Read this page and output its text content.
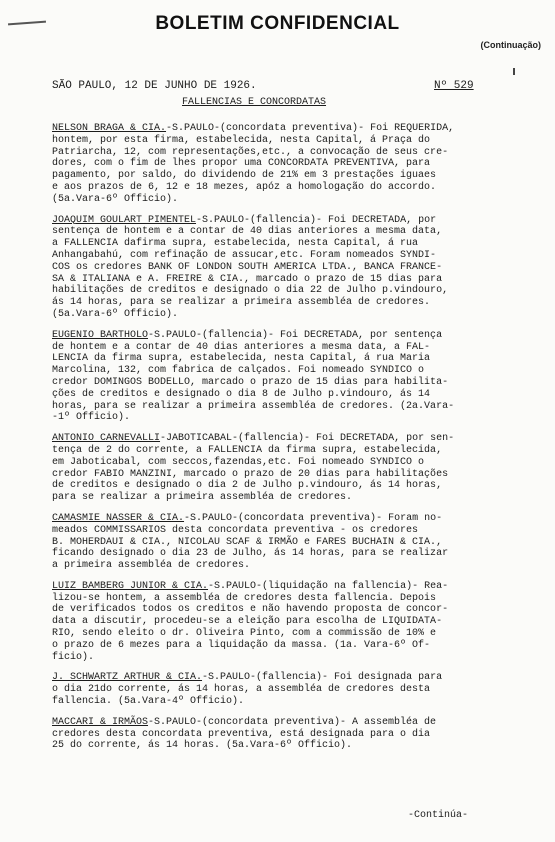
BOLETIM CONFIDENCIAL
(Continuação)
SÃO PAULO, 12 DE JUNHO DE 1926.	Nº 529
FALLENCIAS E CONCORDATAS
NELSON BRAGA & CIA.-S.PAULO-(concordata preventiva)- Foi REQUERIDA,
hontem, por esta firma, estabelecida, nesta Capital, á Praça do
Patriarcha, 12, com representações,etc., a convocação de seus cre-
dores, com o fim de lhes propor uma CONCORDATA PREVENTIVA, para
pagamento, por saldo, do dividendo de 21% em 3 prestações iguaes
e aos prazos de 6, 12 e 18 mezes, apóz a homologação do accordo.
(5a.Vara-6º Officio).
JOAQUIM GOULART PIMENTEL-S.PAULO-(fallencia)- Foi DECRETADA, por
sentença de hontem e a contar de 40 dias anteriores a mesma data,
a FALLENCIA dafirma supra, estabelecida, nesta Capital, á rua
Anhangabahú, com refinação de assucar,etc. Foram nomeados SYNDI-
COS os credores BANK OF LONDON SOUTH AMERICA LTDA., BANCA FRANCE-
SA & ITALIANA e A. FREIRE & CIA., marcado o prazo de 15 dias para
habilitações de creditos e designado o dia 22 de Julho p.vindouro,
ás 14 horas, para se realizar a primeira assembléa de credores.
(5a.Vara-6º Officio).
EUGENIO BARTHOLO-S.PAULO-(fallencia)- Foi DECRETADA, por sentença
de hontem e a contar de 40 dias anteriores a mesma data, a FAL-
LENCIA da firma supra, estabelecida, nesta Capital, á rua Maria
Marcolina, 132, com fabrica de calçados. Foi nomeado SYNDICO o
credor DOMINGOS BODELLO, marcado o prazo de 15 dias para habilita-
ções de creditos e designado o dia 8 de Julho p.vindouro, ás 14
horas, para se realizar a primeira assembléa de credores. (2a.Vara-
-1º Officio).
ANTONIO CARNEVALLI-JABOTICABAL-(fallencia)- Foi DECRETADA, por sen-
tença de 2 do corrente, a FALLENCIA da firma supra, estabelecida,
em Jaboticabal, com seccos,fazendas,etc. Foi nomeado SYNDICO o
credor FABIO MANZINI, marcado o prazo de 20 dias para habilitações
de creditos e designado o dia 2 de Julho p.vindouro, ás 14 horas,
para se realizar a primeira assembléa de credores.
CAMASMIE NASSER & CIA.-S.PAULO-(concordata preventiva)- Foram no-
meados COMMISSARIOS desta concordata preventiva - os credores
B. MOHERDAUI & CIA., NICOLAU SCAF & IRMÃO e FARES BUCHAIN & CIA.,
ficando designado o dia 23 de Julho, ás 14 horas, para se realizar
a primeira assembléa de credores.
LUIZ BAMBERG JUNIOR & CIA.-S.PAULO-(liquidação na fallencia)- Rea-
lizou-se hontem, a assembléa de credores desta fallencia. Depois
de verificados todos os creditos e não havendo proposta de concor-
data a discutir, procedeu-se a eleição para escolha de LIQUIDATA-
RIO, sendo eleito o dr. Oliveira Pinto, com a commissão de 10% e
o prazo de 6 mezes para a liquidação da massa. (1a. Vara-6º Of-
ficio).
J. SCHWARTZ ARTHUR & CIA.-S.PAULO-(fallencia)- Foi designada para
o dia 21do corrente, ás 14 horas, a assembléa de credores desta
fallencia. (5a.Vara-4º Officio).
MACCARI & IRMÃOS-S.PAULO-(concordata preventiva)- A assembléa de
credores desta concordata preventiva, está designada para o dia
25 do corrente, ás 14 horas. (5a.Vara-6º Officio).
-Continúa-
